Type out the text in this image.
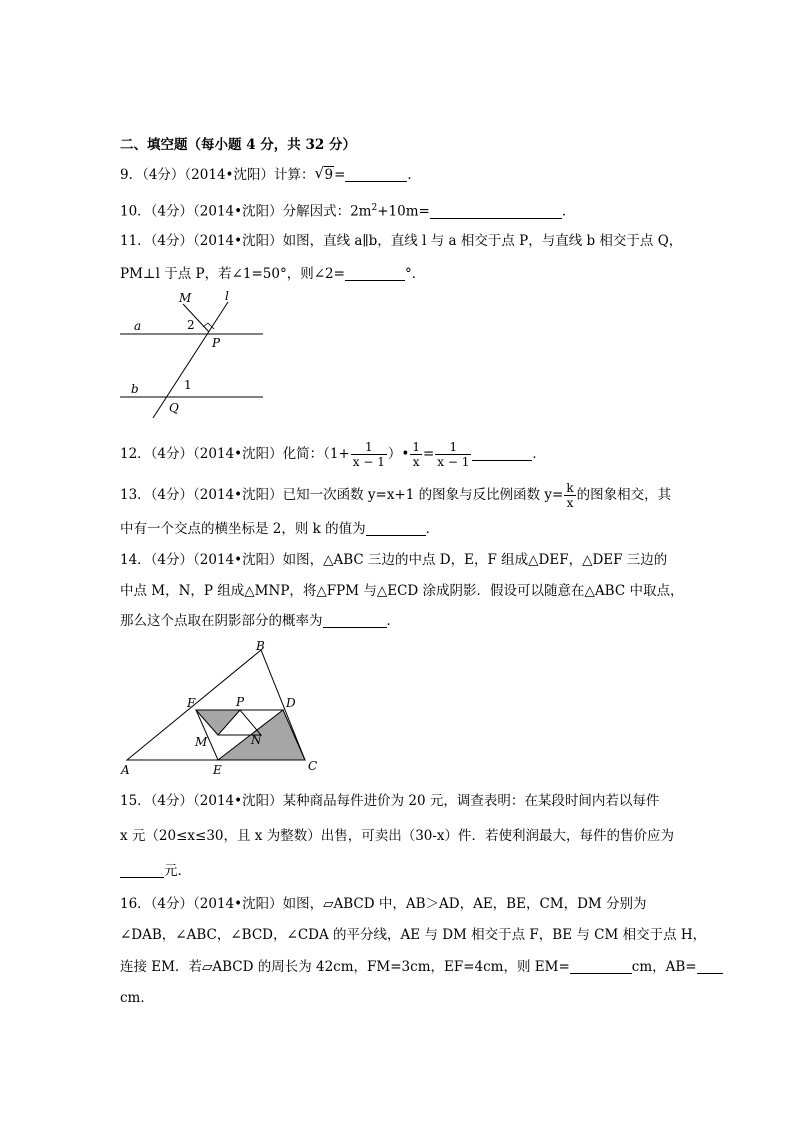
二、填空题（每小题 4 分，共 32 分）
9．（4分）（2014•沈阳）计算： √ 9=	．
10．（4分）（2014•沈阳）分解因式：$2m^2+10m=$	．
11．（4分）（2014•沈阳）如图，直线 a∥b，直线 l 与 a 相交于点 P，与直线 b 相交于点 Q，
PM⊥l 于点 P，若∠1=50°，则∠2=	°．
M	l
a	2
P
b	1
Q
12．（4分）（2014•沈阳）化简：（$1+ \frac{1}{x - 1}$ ）• $\frac{1}{x} = \frac{1}{x - 1}$	．
13．（4分）（2014•沈阳）已知一次函数 y=x+1 的图象与反比例函数 $y= \frac{k}{x}$ 的图象相交，其
中有一个交点的横坐标是 2，则 k 的值为	．
14．（4分）（2014•沈阳）如图，△ABC 三边的中点 D，E，F 组成△DEF，△DEF 三边的
中点 M，N，P 组成△MNP，将△FPM 与△ECD 涂成阴影．假设可以随意在△ABC 中取点，
那么这个点取在阴影部分的概率为	．
A
B
C
D
E
F
M	N
P
15．（4分）（2014•沈阳）某种商品每件进价为 20 元，调查表明：在某段时间内若以每件
x 元（20≤x≤30，且 x 为整数）出售，可卖出（30-x）件．若使利润最大，每件的售价应为
元．
16．（4分）（2014•沈阳）如图，▱ABCD 中，AB＞AD，AE，BE，CM，DM 分别为
∠DAB，∠ABC，∠BCD，∠CDA 的平分线，AE 与 DM 相交于点 F，BE 与 CM 相交于点 H，
连接 EM．若▱ABCD 的周长为 42cm，FM=3cm，EF=4cm，则 EM=	cm，AB=
cm．
